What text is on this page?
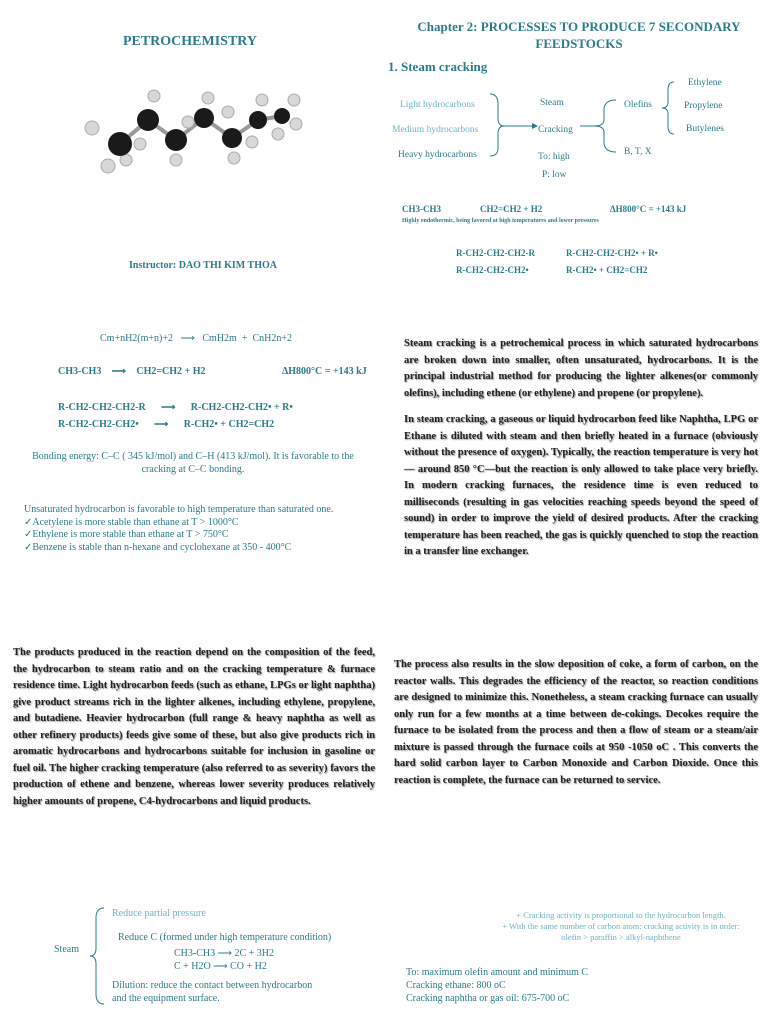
PETROCHEMISTRY
Instructor: DAO THI KIM THOA
Cm+nH2(m+n)+2 ⟶ CmH2m + CnH2n+2
CH3-CH3 ⟶ CH2=CH2 + H2	ΔH800°C = +143 kJ
R-CH2-CH2-CH2-R ⟶ R-CH2-CH2-CH2• + R•
R-CH2-CH2-CH2• ⟶ R-CH2• + CH2=CH2
Bonding energy: C–C ( 345 kJ/mol) and C–H (413 kJ/mol). It is favorable to the cracking at C–C bonding.
Unsaturated hydrocarbon is favorable to high temperature than saturated one.
✓Acetylene is more stable than ethane at T > 1000°C
✓Ethylene is more stable than ethane at T > 750°C
✓Benzene is stable than n-hexane and cyclohexane at 350 - 400°C
The products produced in the reaction depend on the composition of the feed, the hydrocarbon to steam ratio and on the cracking temperature & furnace residence time. Light hydrocarbon feeds (such as ethane, LPGs or light naphtha) give product streams rich in the lighter alkenes, including ethylene, propylene, and butadiene. Heavier hydrocarbon (full range & heavy naphtha as well as other refinery products) feeds give some of these, but also give products rich in aromatic hydrocarbons and hydrocarbons suitable for inclusion in gasoline or fuel oil. The higher cracking temperature (also referred to as severity) favors the production of ethene and benzene, whereas lower severity produces relatively higher amounts of propene, C4-hydrocarbons and liquid products.
Steam
Reduce partial pressure
Reduce C (formed under high temperature condition)
CH3-CH3 ⟶ 2C + 3H2
C + H2O ⟶ CO + H2
Dilution: reduce the contact between hydrocarbon
and the equipment surface.
Chapter 2: PROCESSES TO PRODUCE 7 SECONDARY FEEDSTOCKS
1. Steam cracking
Light hydrocarbons
Medium hydrocarbons
Heavy hydrocarbons
Steam
Cracking
To: high
P: low
Olefins
B, T, X
Ethylene
Propylene
Butylenes
CH3-CH3	CH2=CH2 + H2	ΔH800°C = +143 kJ
Highly endothermic, being favored at high temperatures and lower pressures
R-CH2-CH2-CH2-R	R-CH2-CH2-CH2• + R•
R-CH2-CH2-CH2•	R-CH2• + CH2=CH2
Steam cracking is a petrochemical process in which saturated hydrocarbons are broken down into smaller, often unsaturated, hydrocarbons. It is the principal industrial method for producing the lighter alkenes(or commonly olefins), including ethene (or ethylene) and propene (or propylene).
In steam cracking, a gaseous or liquid hydrocarbon feed like Naphtha, LPG or Ethane is diluted with steam and then briefly heated in a furnace (obviously without the presence of oxygen). Typically, the reaction temperature is very hot — around 850 °C—but the reaction is only allowed to take place very briefly. In modern cracking furnaces, the residence time is even reduced to milliseconds (resulting in gas velocities reaching speeds beyond the speed of sound) in order to improve the yield of desired products. After the cracking temperature has been reached, the gas is quickly quenched to stop the reaction in a transfer line exchanger.
The process also results in the slow deposition of coke, a form of carbon, on the reactor walls. This degrades the efficiency of the reactor, so reaction conditions are designed to minimize this. Nonetheless, a steam cracking furnace can usually only run for a few months at a time between de-cokings. Decokes require the furnace to be isolated from the process and then a flow of steam or a steam/air mixture is passed through the furnace coils at 950 -1050 oC . This converts the hard solid carbon layer to Carbon Monoxide and Carbon Dioxide. Once this reaction is complete, the furnace can be returned to service.
+ Cracking activity is proportional to the hydrocarbon length.
+ With the same number of carbon atom: cracking activity is in order:
olefin > paraffin > alkyl-naphthene
To: maximum olefin amount and minimum C
Cracking ethane: 800 oC
Cracking naphtha or gas oil: 675-700 oC
